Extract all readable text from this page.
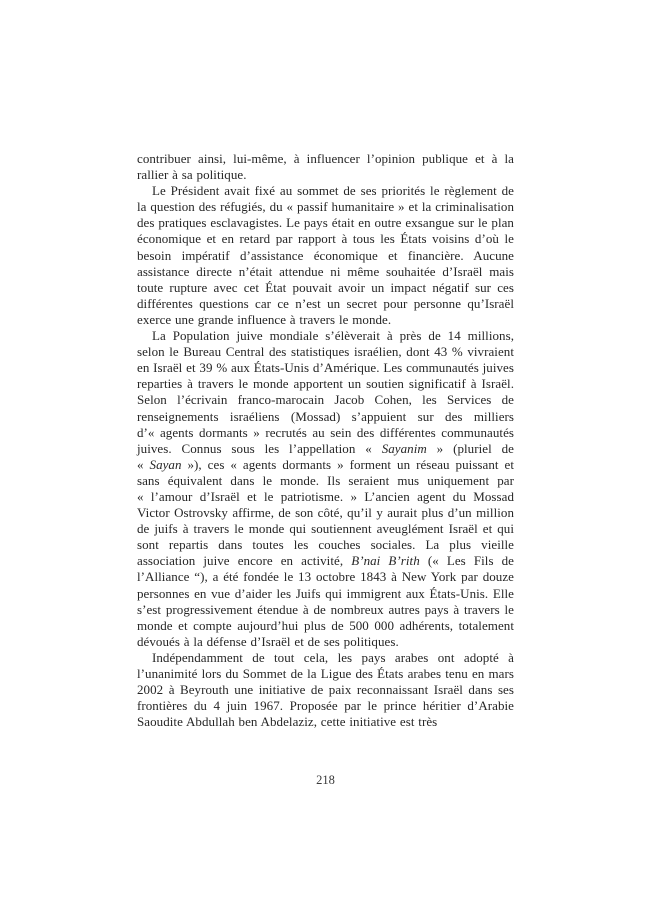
contribuer ainsi, lui-même, à influencer l’opinion publique et à la rallier à sa politique.

Le Président avait fixé au sommet de ses priorités le règlement de la question des réfugiés, du « passif humanitaire » et la criminalisation des pratiques esclavagistes. Le pays était en outre exsangue sur le plan économique et en retard par rapport à tous les États voisins d’où le besoin impératif d’assistance économique et financière. Aucune assistance directe n’était attendue ni même souhaitée d’Israël mais toute rupture avec cet État pouvait avoir un impact négatif sur ces différentes questions car ce n’est un secret pour personne qu’Israël exerce une grande influence à travers le monde.

La Population juive mondiale s’élèverait à près de 14 millions, selon le Bureau Central des statistiques israélien, dont 43 % vivraient en Israël et 39 % aux États-Unis d’Amérique. Les communautés juives reparties à travers le monde apportent un soutien significatif à Israël. Selon l’écrivain franco-marocain Jacob Cohen, les Services de renseignements israéliens (Mossad) s’appuient sur des milliers d’« agents dormants » recrutés au sein des différentes communautés juives. Connus sous les l’appellation « Sayanim » (pluriel de « Sayan »), ces « agents dormants » forment un réseau puissant et sans équivalent dans le monde. Ils seraient mus uniquement par « l’amour d’Israël et le patriotisme. » L’ancien agent du Mossad Victor Ostrovsky affirme, de son côté, qu’il y aurait plus d’un million de juifs à travers le monde qui soutiennent aveuglément Israël et qui sont repartis dans toutes les couches sociales. La plus vieille association juive encore en activité, B’nai B’rith (« Les Fils de l’Alliance “), a été fondée le 13 octobre 1843 à New York par douze personnes en vue d’aider les Juifs qui immigrent aux États-Unis. Elle s’est progressivement étendue à de nombreux autres pays à travers le monde et compte aujourd’hui plus de 500 000 adhérents, totalement dévoués à la défense d’Israël et de ses politiques.

Indépendamment de tout cela, les pays arabes ont adopté à l’unanimité lors du Sommet de la Ligue des États arabes tenu en mars 2002 à Beyrouth une initiative de paix reconnaissant Israël dans ses frontières du 4 juin 1967. Proposée par le prince héritier d’Arabie Saoudite Abdullah ben Abdelaziz, cette initiative est très

218
